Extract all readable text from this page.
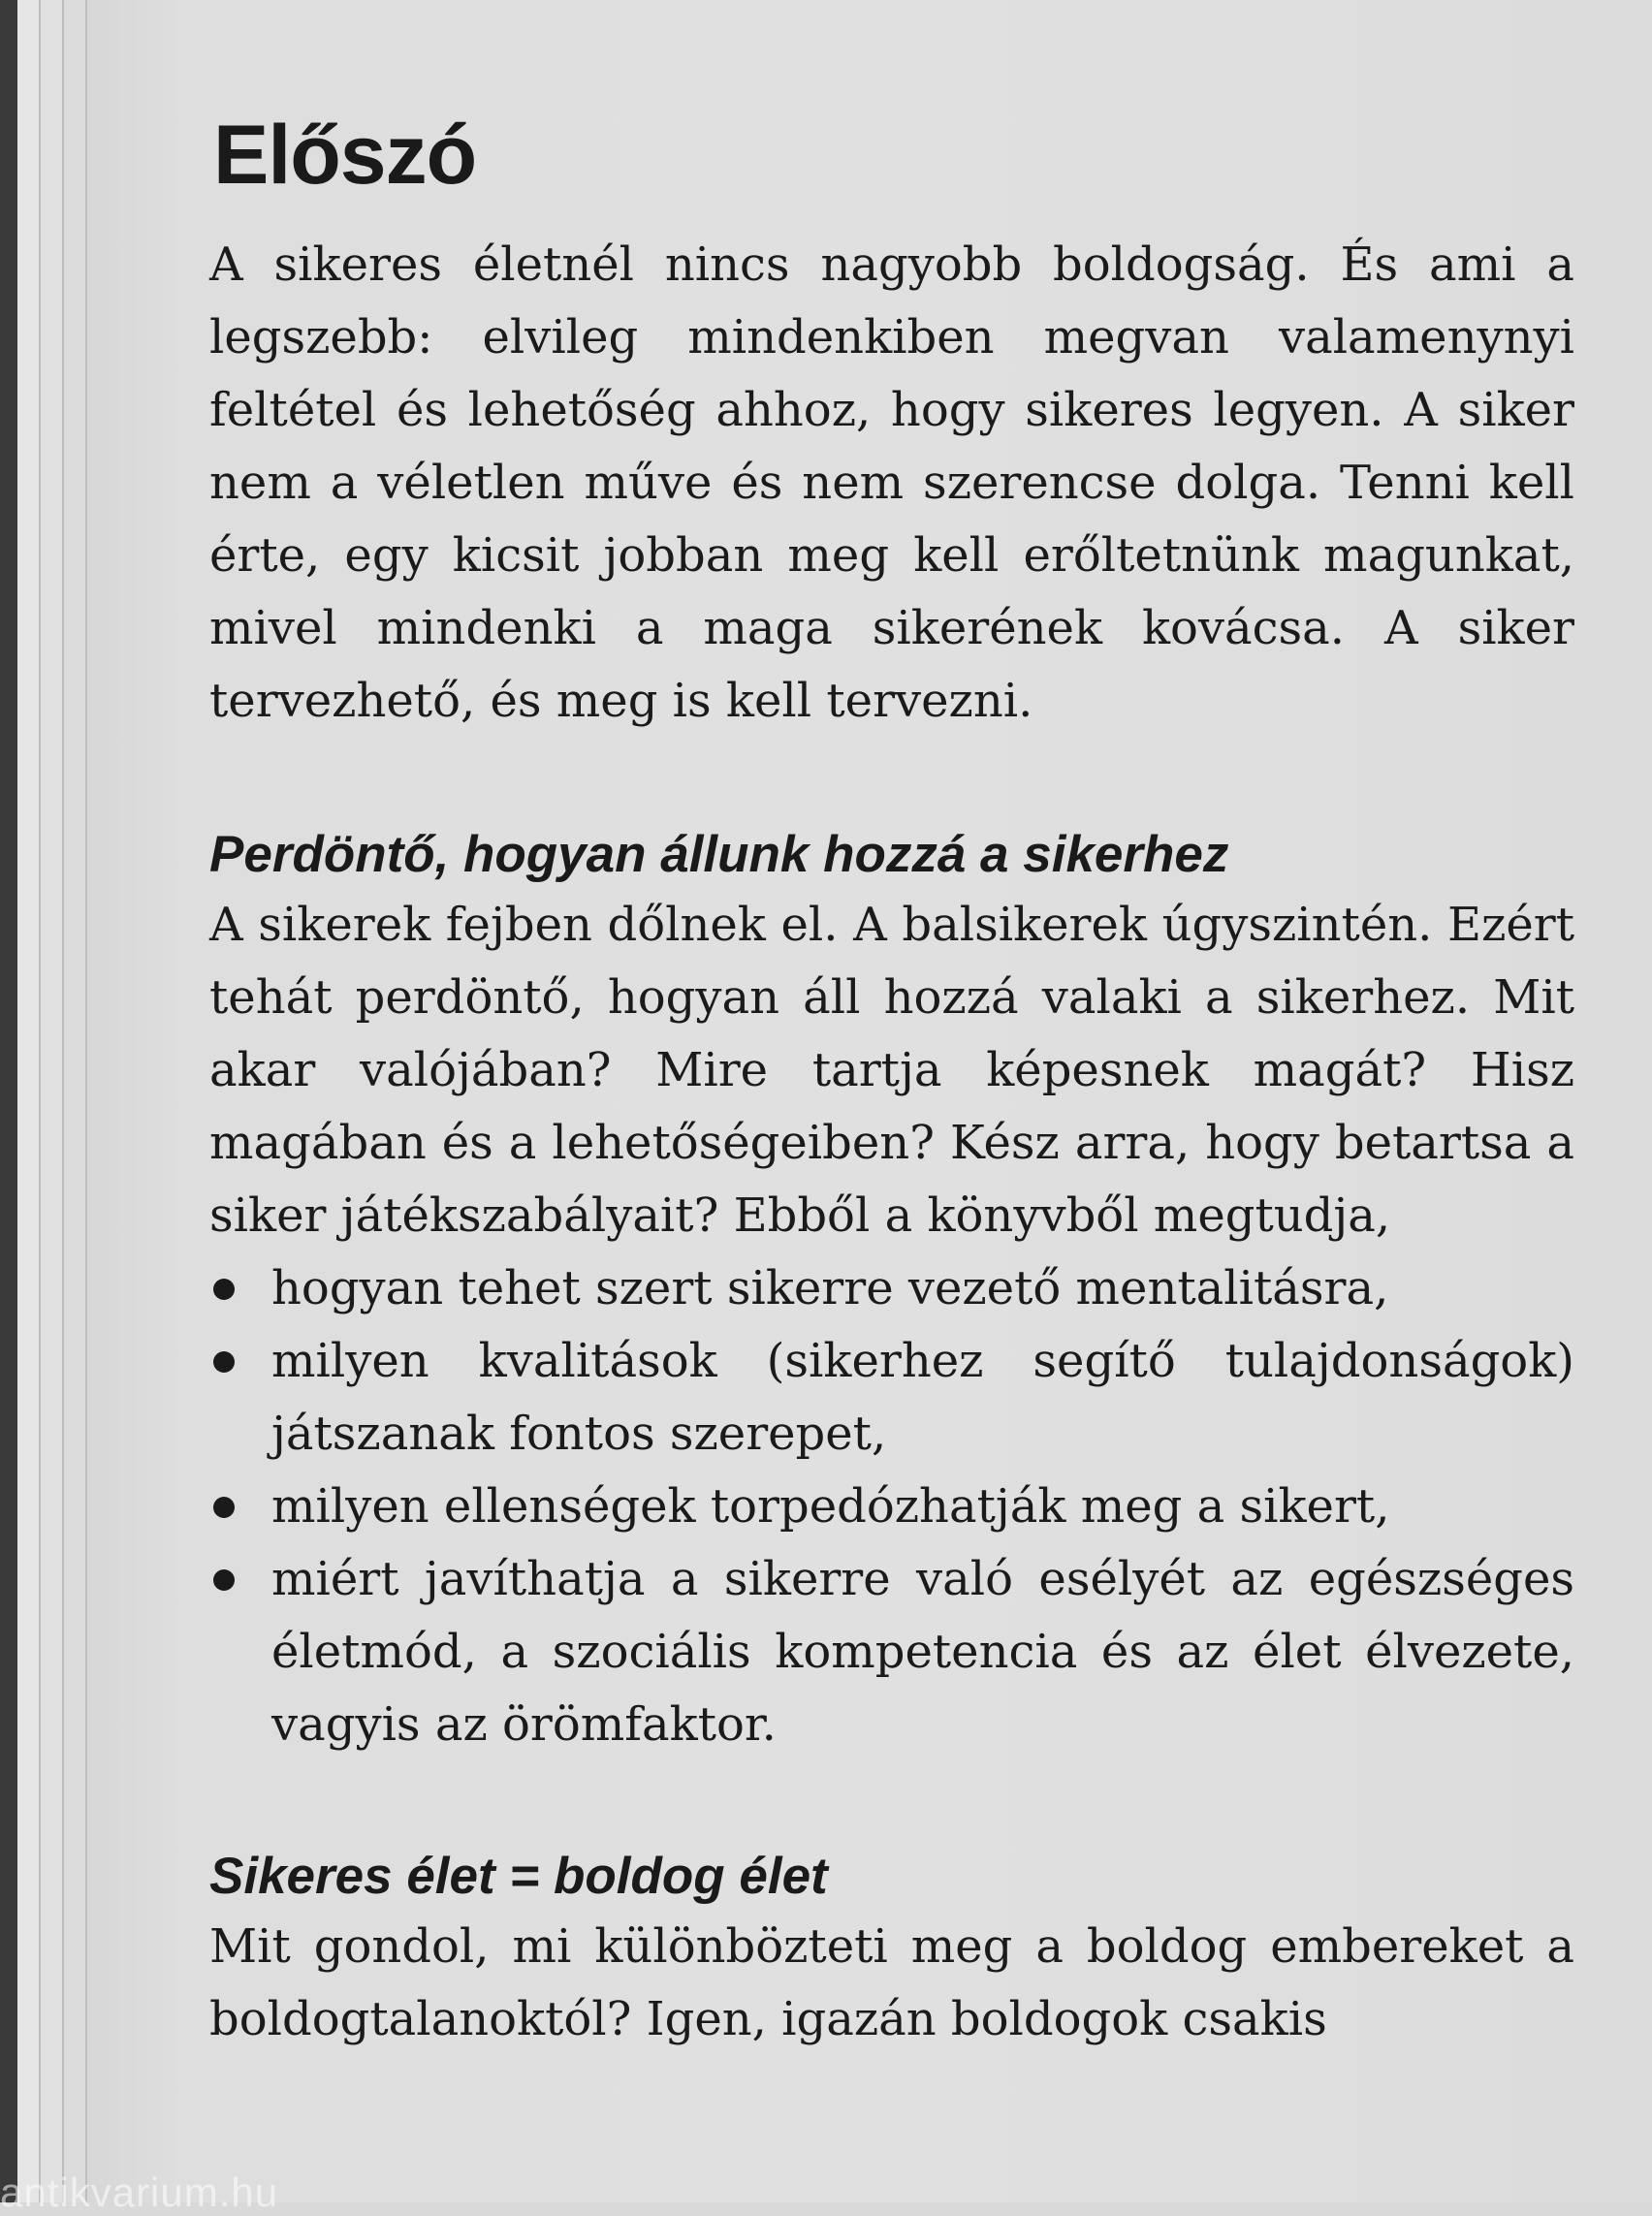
Előszó

A sikeres életnél nincs nagyobb boldogság. És ami a legszebb: elvileg mindenkiben megvan valamenynyi feltétel és lehetőség ahhoz, hogy sikeres legyen. A siker nem a véletlen műve és nem szerencse dolga. Tenni kell érte, egy kicsit jobban meg kell erőltetnünk magunkat, mivel mindenki a maga sikerének kovácsa. A siker tervezhető, és meg is kell tervezni.

Perdöntő, hogyan állunk hozzá a sikerhez

A sikerek fejben dőlnek el. A balsikerek úgyszintén. Ezért tehát perdöntő, hogyan áll hozzá valaki a sikerhez. Mit akar valójában? Mire tartja képesnek magát? Hisz magában és a lehetőségeiben? Kész arra, hogy betartsa a siker játékszabályait? Ebből a könyvből megtudja,

hogyan tehet szert sikerre vezető mentalitásra,
milyen kvalitások (sikerhez segítő tulajdonságok) játszanak fontos szerepet,
milyen ellenségek torpedózhatják meg a sikert,
miért javíthatja a sikerre való esélyét az egészséges életmód, a szociális kompetencia és az élet élvezete, vagyis az örömfaktor.
Sikeres élet = boldog élet

Mit gondol, mi különbözteti meg a boldog embereket a boldogtalanoktól? Igen, igazán boldogok csakis

antikvarium.hu
